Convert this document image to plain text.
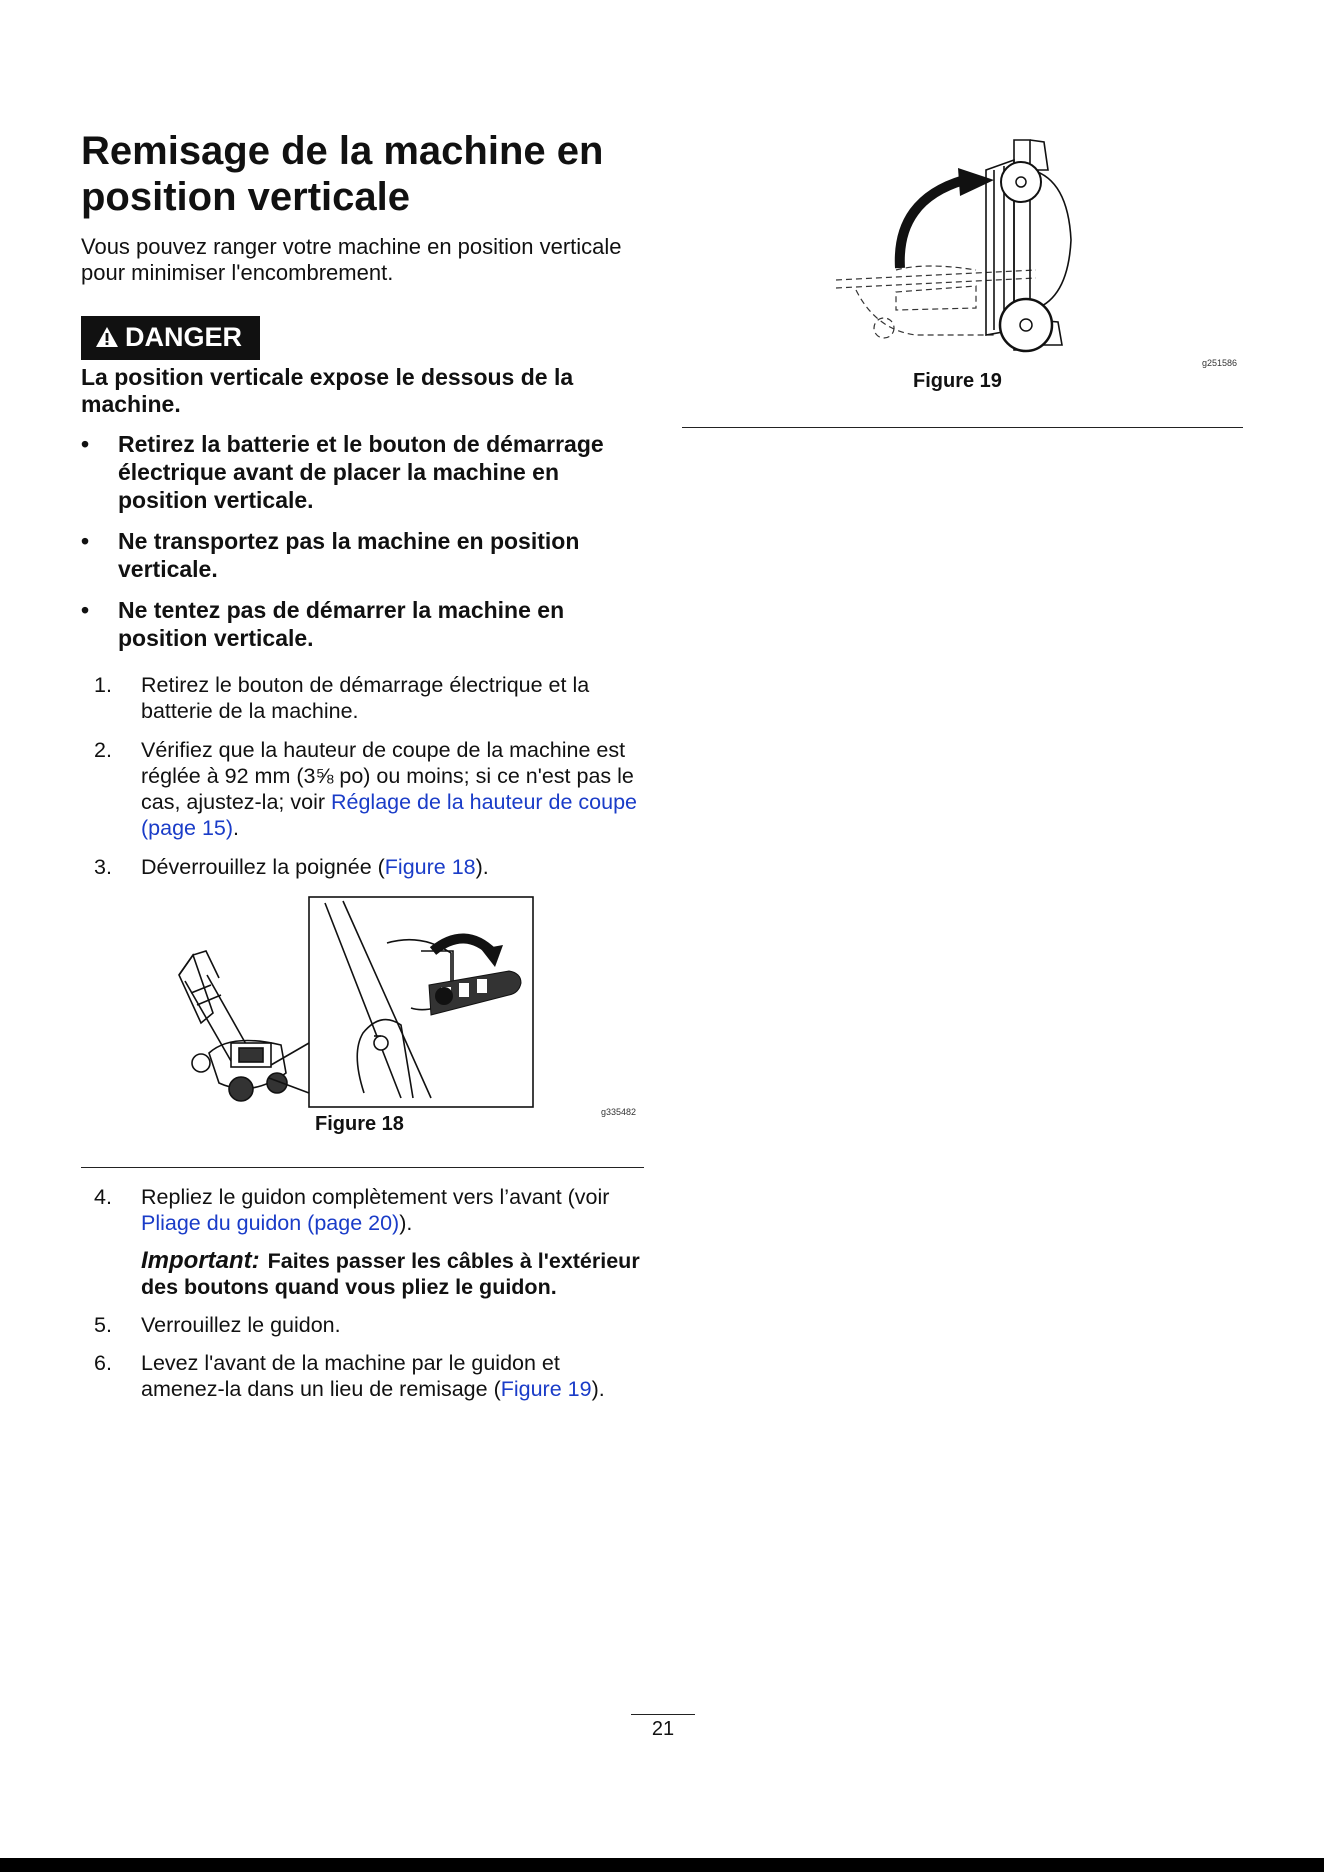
Remisage de la machine en position verticale

Vous pouvez ranger votre machine en position verticale pour minimiser l'encombrement.

DANGER

La position verticale expose le dessous de la machine.

• Retirez la batterie et le bouton de démarrage électrique avant de placer la machine en position verticale.
• Ne transportez pas la machine en position verticale.
• Ne tentez pas de démarrer la machine en position verticale.
1. Retirez le bouton de démarrage électrique et la batterie de la machine.
2. Vérifiez que la hauteur de coupe de la machine est réglée à 92 mm (3⅝ po) ou moins; si ce n'est pas le cas, ajustez-la; voir Réglage de la hauteur de coupe (page 15).
3. Déverrouillez la poignée (Figure 18).
g335482
Figure 18
4. Repliez le guidon complètement vers l’avant (voir Pliage du guidon (page 20)).

Important: Faites passer les câbles à l'extérieur des boutons quand vous pliez le guidon.

5. Verrouillez le guidon.
6. Levez l'avant de la machine par le guidon et amenez-la dans un lieu de remisage (Figure 19).
g251586
Figure 19
21
